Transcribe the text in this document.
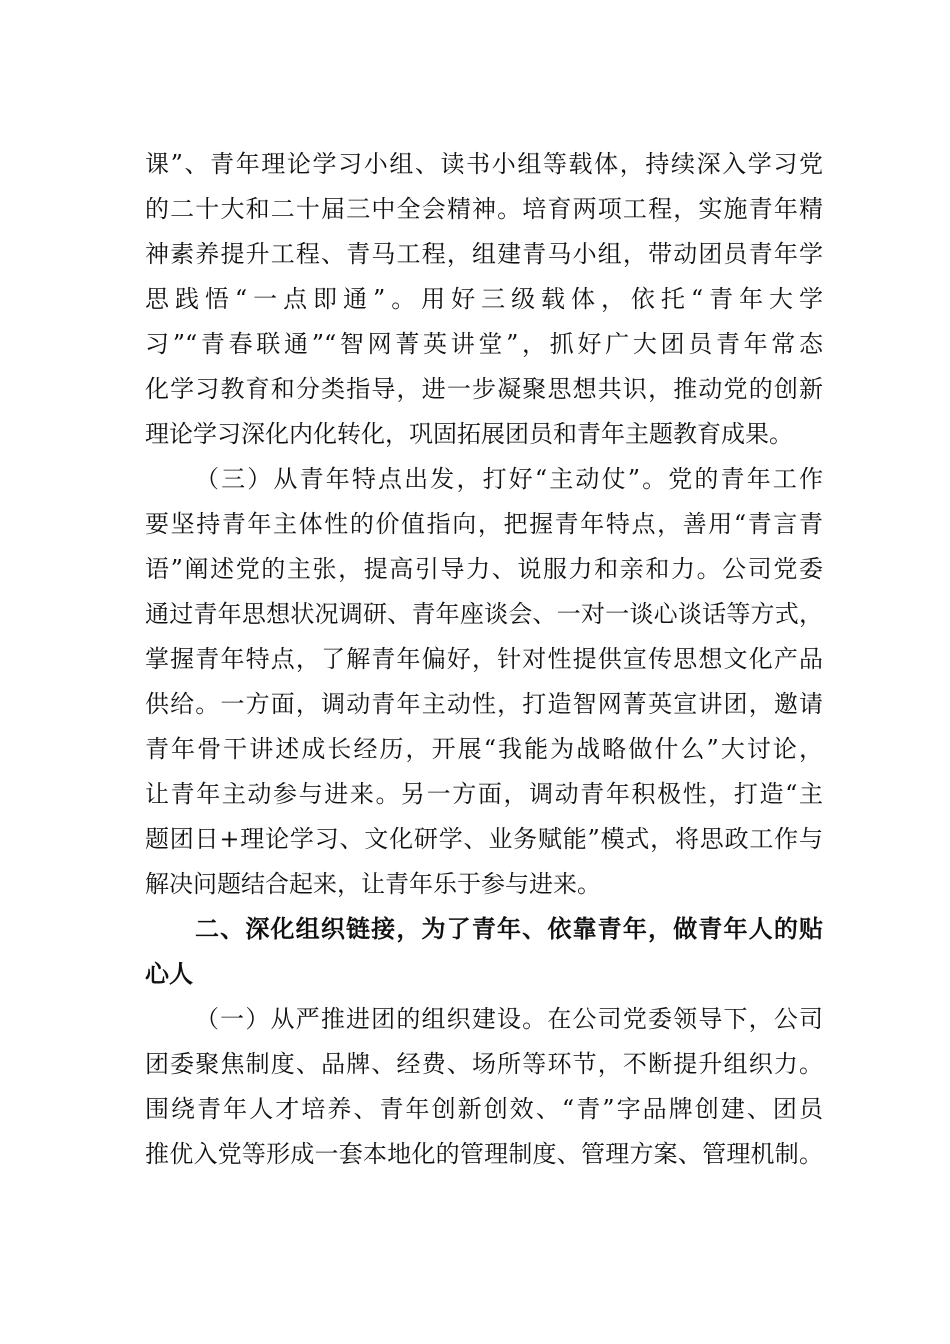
课”、青年理论学习小组、读书小组等载体，持续深入学习党
的二十大和二十届三中全会精神。培育两项工程，实施青年精
神素养提升工程、青马工程，组建青马小组，带动团员青年学
思践悟“一点即通”。用好三级载体，依托“青年大学
习”“青春联通”“智网菁英讲堂”，抓好广大团员青年常态
化学习教育和分类指导，进一步凝聚思想共识，推动党的创新
理论学习深化内化转化，巩固拓展团员和青年主题教育成果。
（三）从青年特点出发，打好“主动仗”。党的青年工作
要坚持青年主体性的价值指向，把握青年特点，善用“青言青
语”阐述党的主张，提高引导力、说服力和亲和力。公司党委
通过青年思想状况调研、青年座谈会、一对一谈心谈话等方式，
掌握青年特点，了解青年偏好，针对性提供宣传思想文化产品
供给。一方面，调动青年主动性，打造智网菁英宣讲团，邀请
青年骨干讲述成长经历，开展“我能为战略做什么”大讨论，
让青年主动参与进来。另一方面，调动青年积极性，打造“主
题团日+理论学习、文化研学、业务赋能”模式，将思政工作与
解决问题结合起来，让青年乐于参与进来。
二、深化组织链接，为了青年、依靠青年，做青年人的贴
心人
（一）从严推进团的组织建设。在公司党委领导下，公司
团委聚焦制度、品牌、经费、场所等环节，不断提升组织力。
围绕青年人才培养、青年创新创效、“青”字品牌创建、团员
推优入党等形成一套本地化的管理制度、管理方案、管理机制。
